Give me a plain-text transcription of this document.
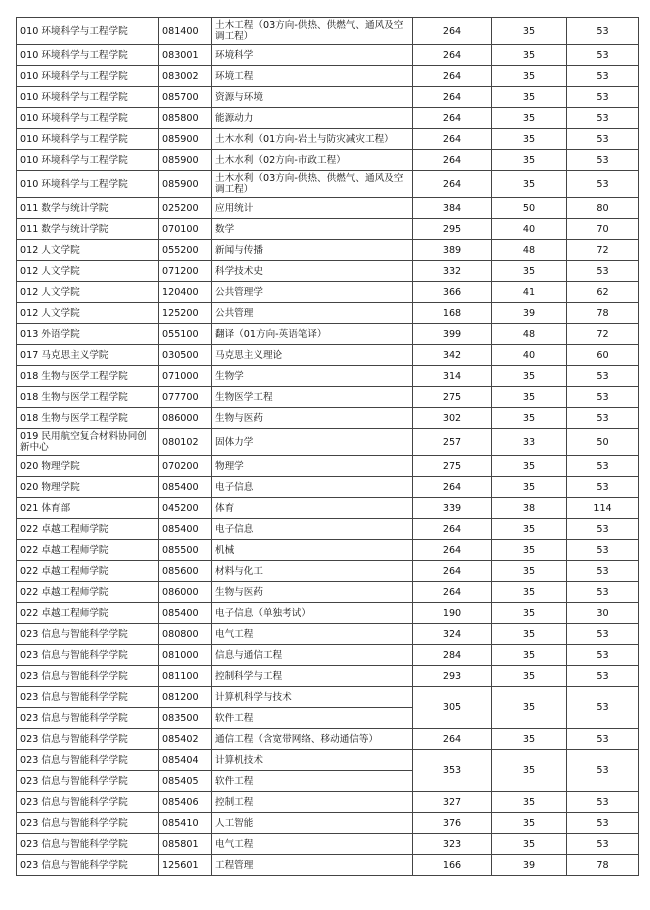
010 环境科学与工程学院	081400	土木工程（03方向-供热、供燃气、通风及空调工程）	264	35	53
010 环境科学与工程学院	083001	环境科学	264	35	53
010 环境科学与工程学院	083002	环境工程	264	35	53
010 环境科学与工程学院	085700	资源与环境	264	35	53
010 环境科学与工程学院	085800	能源动力	264	35	53
010 环境科学与工程学院	085900	土木水利（01方向-岩土与防灾减灾工程）	264	35	53
010 环境科学与工程学院	085900	土木水利（02方向-市政工程）	264	35	53
010 环境科学与工程学院	085900	土木水利（03方向-供热、供燃气、通风及空调工程）	264	35	53
011 数学与统计学院	025200	应用统计	384	50	80
011 数学与统计学院	070100	数学	295	40	70
012 人文学院	055200	新闻与传播	389	48	72
012 人文学院	071200	科学技术史	332	35	53
012 人文学院	120400	公共管理学	366	41	62
012 人文学院	125200	公共管理	168	39	78
013 外语学院	055100	翻译（01方向-英语笔译）	399	48	72
017 马克思主义学院	030500	马克思主义理论	342	40	60
018 生物与医学工程学院	071000	生物学	314	35	53
018 生物与医学工程学院	077700	生物医学工程	275	35	53
018 生物与医学工程学院	086000	生物与医药	302	35	53
019 民用航空复合材料协同创新中心	080102	固体力学	257	33	50
020 物理学院	070200	物理学	275	35	53
020 物理学院	085400	电子信息	264	35	53
021 体育部	045200	体育	339	38	114
022 卓越工程师学院	085400	电子信息	264	35	53
022 卓越工程师学院	085500	机械	264	35	53
022 卓越工程师学院	085600	材料与化工	264	35	53
022 卓越工程师学院	086000	生物与医药	264	35	53
022 卓越工程师学院	085400	电子信息（单独考试）	190	35	30
023 信息与智能科学学院	080800	电气工程	324	35	53
023 信息与智能科学学院	081000	信息与通信工程	284	35	53
023 信息与智能科学学院	081100	控制科学与工程	293	35	53
023 信息与智能科学学院	081200	计算机科学与技术	305	35	53
023 信息与智能科学学院	083500	软件工程			
023 信息与智能科学学院	085402	通信工程（含宽带网络、移动通信等）	264	35	53
023 信息与智能科学学院	085404	计算机技术	353	35	53
023 信息与智能科学学院	085405	软件工程			
023 信息与智能科学学院	085406	控制工程	327	35	53
023 信息与智能科学学院	085410	人工智能	376	35	53
023 信息与智能科学学院	085801	电气工程	323	35	53
023 信息与智能科学学院	125601	工程管理	166	39	78
